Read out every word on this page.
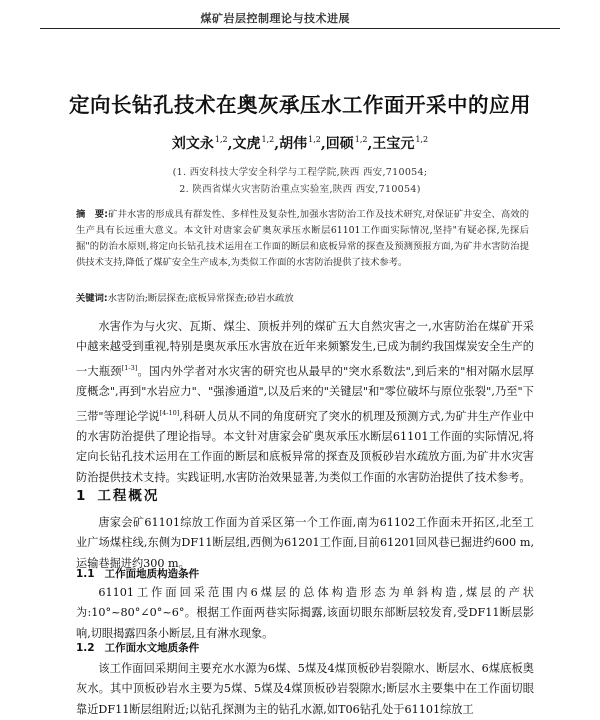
煤矿岩层控制理论与技术进展
定向长钻孔技术在奥灰承压水工作面开采中的应用
刘文永$^{1,2}$,文虎$^{1,2}$,胡伟$^{1,2}$,回硕$^{1,2}$,王宝元$^{1,2}$
(1. 西安科技大学安全科学与工程学院,陕西 西安,710054;
2. 陕西省煤火灾害防治重点实验室,陕西 西安,710054)
摘　要:矿井水害的形成具有群发性、多样性及复杂性,加强水害防治工作及技术研究,对保证矿井安全、高效的生产具有长远重大意义。本文针对唐家会矿奥灰承压水断层61101工作面实际情况,坚持"有疑必探,先探后掘"的防治水原则,将定向长钻孔技术运用在工作面的断层和底板异常的探查及预测预报方面,为矿井水害防治提供技术支持,降低了煤矿安全生产成本,为类似工作面的水害防治提供了技术参考。
关键词:水害防治;断层探查;底板异常探查;砂岩水疏放
水害作为与火灾、瓦斯、煤尘、顶板并列的煤矿五大自然灾害之一,水害防治在煤矿开采中越来越受到重视,特别是奥灰承压水害放在近年来频繁发生,已成为制约我国煤炭安全生产的一大瓶颈[1-3]。国内外学者对水灾害的研究也从最早的"突水系数法",到后来的"相对隔水层厚度概念",再到"水岩应力"、"强渗通道",以及后来的"关键层"和"零位破坏与原位张裂",乃至"下三带"等理论学说[4-10],科研人员从不同的角度研究了突水的机理及预测方式,为矿井生产作业中的水害防治提供了理论指导。本文针对唐家会矿奥灰承压水断层61101工作面的实际情况,将定向长钻孔技术运用在工作面的断层和底板异常的探查及顶板砂岩水疏放方面,为矿井水灾害防治提供技术支持。实践证明,水害防治效果显著,为类似工作面的水害防治提供了技术参考。
1 工程概况
唐家会矿61101综放工作面为首采区第一个工作面,南为61102工作面未开拓区,北至工业广场煤柱线,东侧为DF11断层组,西侧为61201工作面,目前61201回风巷已掘进约600 m,运输巷掘进约300 m。
1.1 工作面地质构造条件
61101工作面回采范围内6煤层的总体构造形态为单斜构造,煤层的产状为:10°~80°∠0°~6°。根据工作面两巷实际揭露,该面切眼东部断层较发育,受DF11断层影响,切眼揭露四条小断层,且有淋水现象。
1.2 工作面水文地质条件
该工作面回采期间主要充水水源为6煤、5煤及4煤顶板砂岩裂隙水、断层水、6煤底板奥灰水。其中顶板砂岩水主要为5煤、5煤及4煤顶板砂岩裂隙水;断层水主要集中在工作面切眼靠近DF11断层组附近;以钻孔探测为主的钻孔水源,如T06钻孔处于61101综放工
